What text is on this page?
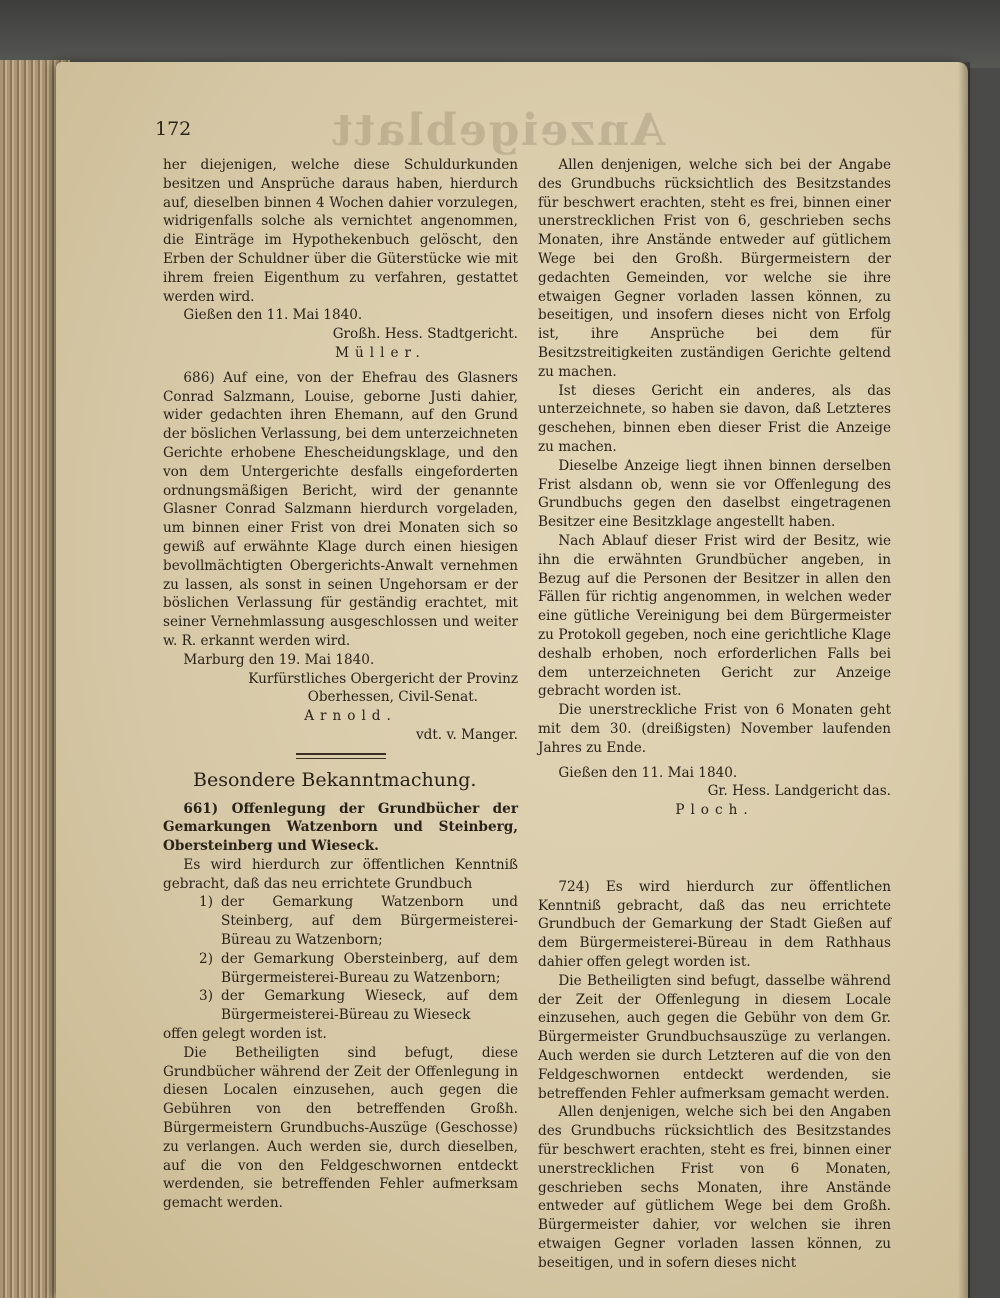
Anzeigeblatt
172

her diejenigen, welche diese Schuldurkunden besitzen und Ansprüche daraus haben, hierdurch auf, dieselben binnen 4 Wochen dahier vorzulegen, widrigenfalls solche als vernichtet angenommen, die Einträge im Hypothekenbuch gelöscht, den Erben der Schuldner über die Güterstücke wie mit ihrem freien Eigenthum zu verfahren, gestattet werden wird.

Gießen den 11. Mai 1840.

Großh. Hess. Stadtgericht.

Müller.

686) Auf eine, von der Ehefrau des Glasners Conrad Salzmann, Louise, geborne Justi dahier, wider gedachten ihren Ehemann, auf den Grund der böslichen Verlassung, bei dem unterzeichneten Gerichte erhobene Ehescheidungsklage, und den von dem Untergerichte desfalls eingeforderten ordnungsmäßigen Bericht, wird der genannte Glasner Conrad Salzmann hierdurch vorgeladen, um binnen einer Frist von drei Monaten sich so gewiß auf erwähnte Klage durch einen hiesigen bevollmächtigten Obergerichts-Anwalt vernehmen zu lassen, als sonst in seinen Ungehorsam er der böslichen Verlassung für geständig erachtet, mit seiner Vernehmlassung ausgeschlossen und weiter w. R. erkannt werden wird.

Marburg den 19. Mai 1840.

Kurfürstliches Obergericht der Provinz

Oberhessen, Civil-Senat.

Arnold.

vdt. v. Manger.

Besondere Bekanntmachung.

661) Offenlegung der Grundbücher der Gemarkungen Watzenborn und Steinberg, Obersteinberg und Wieseck.

Es wird hierdurch zur öffentlichen Kenntniß gebracht, daß das neu errichtete Grundbuch

1) der Gemarkung Watzenborn und Steinberg, auf dem Bürgermeisterei-Büreau zu Watzenborn;
2) der Gemarkung Obersteinberg, auf dem Bürgermeisterei-Bureau zu Watzenborn;
3) der Gemarkung Wieseck, auf dem Bürgermeisterei-Büreau zu Wieseck

offen gelegt worden ist.

Die Betheiligten sind befugt, diese Grundbücher während der Zeit der Offenlegung in diesen Localen einzusehen, auch gegen die Gebühren von den betreffenden Großh. Bürgermeistern Grundbuchs-Auszüge (Geschosse) zu verlangen. Auch werden sie, durch dieselben, auf die von den Feldgeschwornen entdeckt werdenden, sie betreffenden Fehler aufmerksam gemacht werden.

Allen denjenigen, welche sich bei der Angabe des Grundbuchs rücksichtlich des Besitzstandes für beschwert erachten, steht es frei, binnen einer unerstrecklichen Frist von 6, geschrieben sechs Monaten, ihre Anstände entweder auf gütlichem Wege bei den Großh. Bürgermeistern der gedachten Gemeinden, vor welche sie ihre etwaigen Gegner vorladen lassen können, zu beseitigen, und insofern dieses nicht von Erfolg ist, ihre Ansprüche bei dem für Besitzstreitigkeiten zuständigen Gerichte geltend zu machen.

Ist dieses Gericht ein anderes, als das unterzeichnete, so haben sie davon, daß Letzteres geschehen, binnen eben dieser Frist die Anzeige zu machen.

Dieselbe Anzeige liegt ihnen binnen derselben Frist alsdann ob, wenn sie vor Offenlegung des Grundbuchs gegen den daselbst eingetragenen Besitzer eine Besitzklage angestellt haben.

Nach Ablauf dieser Frist wird der Besitz, wie ihn die erwähnten Grundbücher angeben, in Bezug auf die Personen der Besitzer in allen den Fällen für richtig angenommen, in welchen weder eine gütliche Vereinigung bei dem Bürgermeister zu Protokoll gegeben, noch eine gerichtliche Klage deshalb erhoben, noch erforderlichen Falls bei dem unterzeichneten Gericht zur Anzeige gebracht worden ist.

Die unerstreckliche Frist von 6 Monaten geht mit dem 30. (dreißigsten) November laufenden Jahres zu Ende.

Gießen den 11. Mai 1840.

Gr. Hess. Landgericht das.

Ploch.

724) Es wird hierdurch zur öffentlichen Kenntniß gebracht, daß das neu errichtete Grundbuch der Gemarkung der Stadt Gießen auf dem Bürgermeisterei-Büreau in dem Rathhaus dahier offen gelegt worden ist.

Die Betheiligten sind befugt, dasselbe während der Zeit der Offenlegung in diesem Locale einzusehen, auch gegen die Gebühr von dem Gr. Bürgermeister Grundbuchsauszüge zu verlangen. Auch werden sie durch Letzteren auf die von den Feldgeschwornen entdeckt werdenden, sie betreffenden Fehler aufmerksam gemacht werden.

Allen denjenigen, welche sich bei den Angaben des Grundbuchs rücksichtlich des Besitzstandes für beschwert erachten, steht es frei, binnen einer unerstrecklichen Frist von 6 Monaten, geschrieben sechs Monaten, ihre Anstände entweder auf gütlichem Wege bei dem Großh. Bürgermeister dahier, vor welchen sie ihren etwaigen Gegner vorladen lassen können, zu beseitigen, und in sofern dieses nicht
